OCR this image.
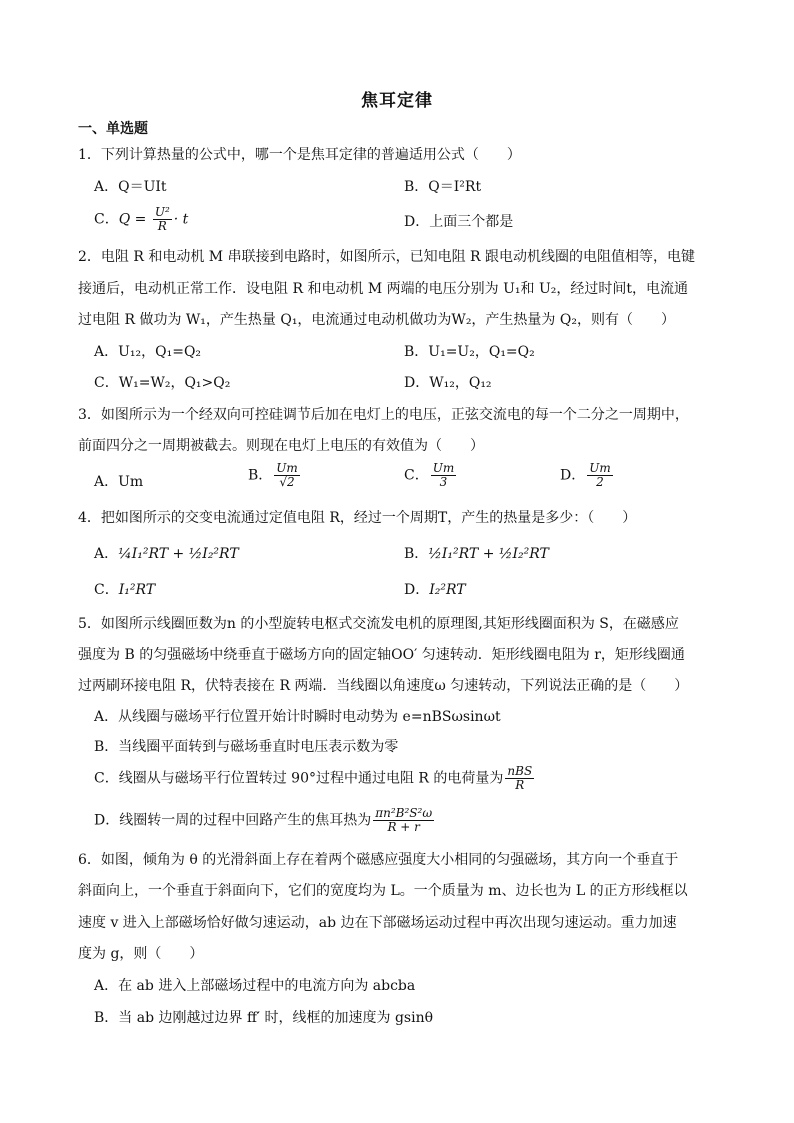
焦耳定律
一、单选题
1．下列计算热量的公式中，哪一个是焦耳定律的普遍适用公式（　　）
A．Q＝UIt	B．Q＝I²Rt
C．$Q = \frac{\text{U²}}{R} \cdot t$	D．上面三个都是
2．电阻 R 和电动机 M 串联接到电路时，如图所示，已知电阻 R 跟电动机线圈的电阻值相等，电键
接通后，电动机正常工作．设电阻 R 和电动机 M 两端的电压分别为 U₁和 U₂，经过时间t，电流通
过电阻 R 做功为 W₁，产生热量 Q₁，电流通过电动机做功为W₂，产生热量为 Q₂，则有（　　）
A．U₁₂，Q₁=Q₂	B．U₁=U₂，Q₁=Q₂
C．W₁=W₂，Q₁>Q₂	D．W₁₂，Q₁₂
3．如图所示为一个经双向可控硅调节后加在电灯上的电压，正弦交流电的每一个二分之一周期中，
前面四分之一周期被截去。则现在电灯上电压的有效值为（　　）
A．Um	B． $\frac{Um}{√2}$	C． $\frac{Um}{3}$	D． $\frac{Um}{2}$
4．把如图所示的交变电流通过定值电阻 R，经过一个周期T，产生的热量是多少：（　　）
A．¼I₁²RT + ½I₂²RT	B．½I₁²RT + ½I₂²RT
C．I₁²RT	D．I₂²RT
5．如图所示线圈匝数为n 的小型旋转电枢式交流发电机的原理图,其矩形线圈面积为 S，在磁感应
强度为 B 的匀强磁场中绕垂直于磁场方向的固定轴OO′ 匀速转动．矩形线圈电阻为 r，矩形线圈通
过两刷环接电阻 R，伏特表接在 R 两端．当线圈以角速度ω 匀速转动，下列说法正确的是（　　）
A．从线圈与磁场平行位置开始计时瞬时电动势为 e=nBSωsinωt
B．当线圈平面转到与磁场垂直时电压表示数为零
C．线圈从与磁场平行位置转过 90°过程中通过电阻 R 的电荷量为 $\frac{\text{nBS}}{R}$
D．线圈转一周的过程中回路产生的焦耳热为 $\frac{\text{πn²B²S²ω}}{R + r}$
6．如图，倾角为 θ 的光滑斜面上存在着两个磁感应强度大小相同的匀强磁场，其方向一个垂直于
斜面向上，一个垂直于斜面向下，它们的宽度均为 L。一个质量为 m、边长也为 L 的正方形线框以
速度 v 进入上部磁场恰好做匀速运动，ab 边在下部磁场运动过程中再次出现匀速运动。重力加速
度为 g，则（　　）
A．在 ab 进入上部磁场过程中的电流方向为 abcba
B．当 ab 边刚越过边界 ff′ 时，线框的加速度为 gsinθ
